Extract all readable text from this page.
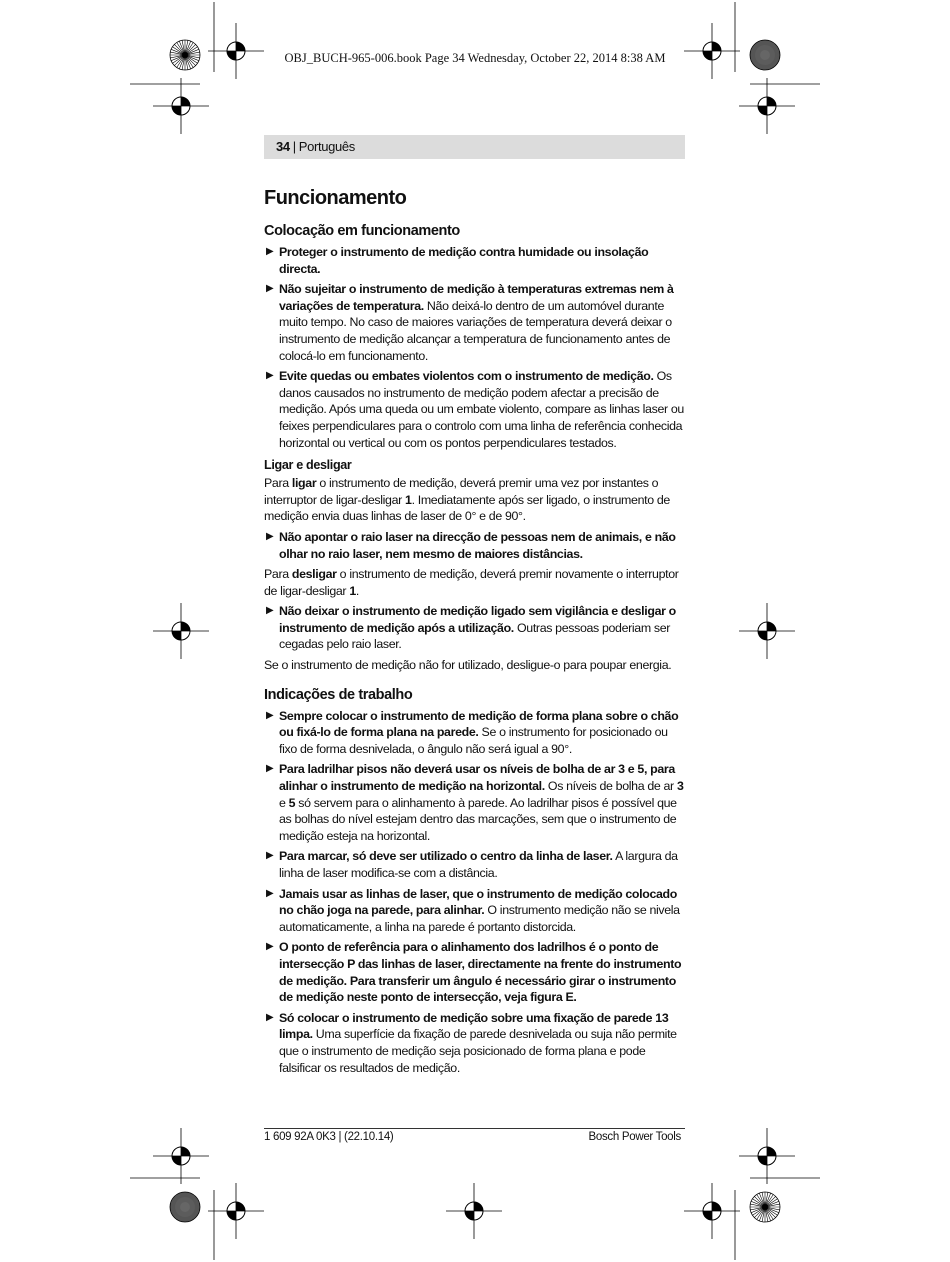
OBJ_BUCH-965-006.book Page 34 Wednesday, October 22, 2014 8:38 AM
34 | Português
Funcionamento
Colocação em funcionamento
▶ Proteger o instrumento de medição contra humidade ou insolação directa.
▶ Não sujeitar o instrumento de medição à temperaturas extremas nem à variações de temperatura. Não deixá-lo dentro de um automóvel durante muito tempo. No caso de maiores variações de temperatura deverá deixar o instrumento de medição alcançar a temperatura de funcionamento antes de colocá-lo em funcionamento.
▶ Evite quedas ou embates violentos com o instrumento de medição. Os danos causados no instrumento de medição podem afectar a precisão de medição. Após uma queda ou um embate violento, compare as linhas laser ou feixes perpendiculares para o controlo com uma linha de referência conhecida horizontal ou vertical ou com os pontos perpendiculares testados.
Ligar e desligar

Para ligar o instrumento de medição, deverá premir uma vez por instantes o interruptor de ligar-desligar 1. Imediatamente após ser ligado, o instrumento de medição envia duas linhas de laser de 0° e de 90°.

▶ Não apontar o raio laser na direcção de pessoas nem de animais, e não olhar no raio laser, nem mesmo de maiores distâncias.

Para desligar o instrumento de medição, deverá premir novamente o interruptor de ligar-desligar 1.

▶ Não deixar o instrumento de medição ligado sem vigilância e desligar o instrumento de medição após a utilização. Outras pessoas poderiam ser cegadas pelo raio laser.

Se o instrumento de medição não for utilizado, desligue-o para poupar energia.

Indicações de trabalho
▶ Sempre colocar o instrumento de medição de forma plana sobre o chão ou fixá-lo de forma plana na parede. Se o instrumento for posicionado ou fixo de forma desnivelada, o ângulo não será igual a 90°.
▶ Para ladrilhar pisos não deverá usar os níveis de bolha de ar 3 e 5, para alinhar o instrumento de medição na horizontal. Os níveis de bolha de ar 3 e 5 só servem para o alinhamento à parede. Ao ladrilhar pisos é possível que as bolhas do nível estejam dentro das marcações, sem que o instrumento de medição esteja na horizontal.
▶ Para marcar, só deve ser utilizado o centro da linha de laser. A largura da linha de laser modifica-se com a distância.
▶ Jamais usar as linhas de laser, que o instrumento de medição colocado no chão joga na parede, para alinhar. O instrumento medição não se nivela automaticamente, a linha na parede é portanto distorcida.
▶ O ponto de referência para o alinhamento dos ladrilhos é o ponto de intersecção P das linhas de laser, directamente na frente do instrumento de medição. Para transferir um ângulo é necessário girar o instrumento de medição neste ponto de intersecção, veja figura E.
▶ Só colocar o instrumento de medição sobre uma fixação de parede 13 limpa. Uma superfície da fixação de parede desnivelada ou suja não permite que o instrumento de medição seja posicionado de forma plana e pode falsificar os resultados de medição.
1 609 92A 0K3 | (22.10.14)	Bosch Power Tools
